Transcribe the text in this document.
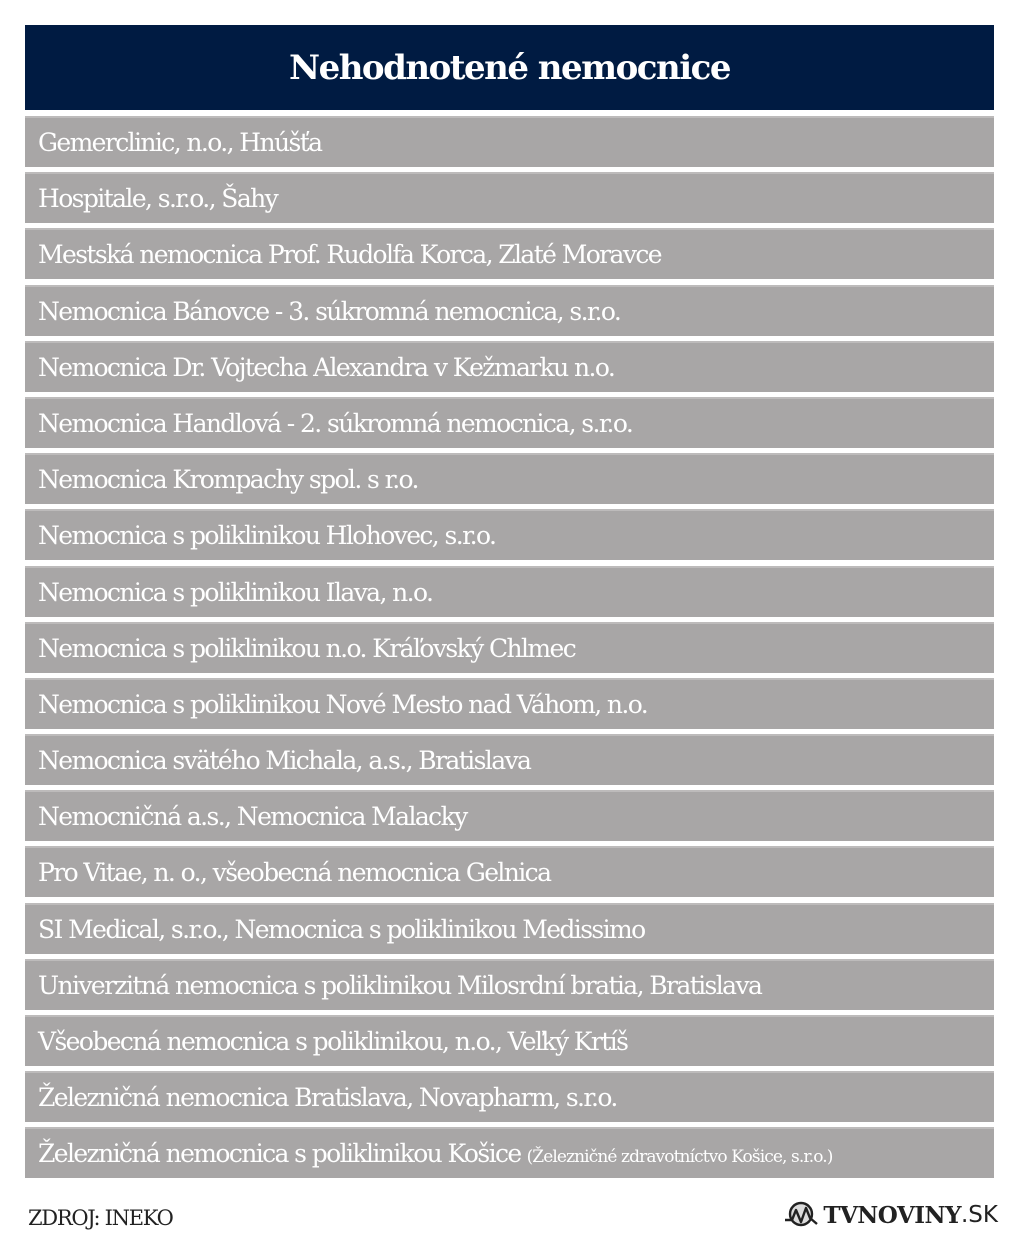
Nehodnotené nemocnice
Gemerclinic, n.o., Hnúšťa
Hospitale, s.r.o., Šahy
Mestská nemocnica Prof. Rudolfa Korca, Zlaté Moravce
Nemocnica Bánovce - 3. súkromná nemocnica, s.r.o.
Nemocnica Dr. Vojtecha Alexandra v Kežmarku n.o.
Nemocnica Handlová - 2. súkromná nemocnica, s.r.o.
Nemocnica Krompachy spol. s r.o.
Nemocnica s poliklinikou Hlohovec, s.r.o.
Nemocnica s poliklinikou Ilava, n.o.
Nemocnica s poliklinikou n.o. Kráľovský Chlmec
Nemocnica s poliklinikou Nové Mesto nad Váhom, n.o.
Nemocnica svätého Michala, a.s., Bratislava
Nemocničná a.s., Nemocnica Malacky
Pro Vitae, n. o., všeobecná nemocnica Gelnica
SI Medical, s.r.o., Nemocnica s poliklinikou Medissimo
Univerzitná nemocnica s poliklinikou Milosrdní bratia, Bratislava
Všeobecná nemocnica s poliklinikou, n.o., Veľký Krtíš
Železničná nemocnica Bratislava, Novapharm, s.r.o.
Železničná nemocnica s poliklinikou Košice (Železničné zdravotníctvo Košice, s.r.o.)
ZDROJ: INEKO	TVNOVINY .SK
